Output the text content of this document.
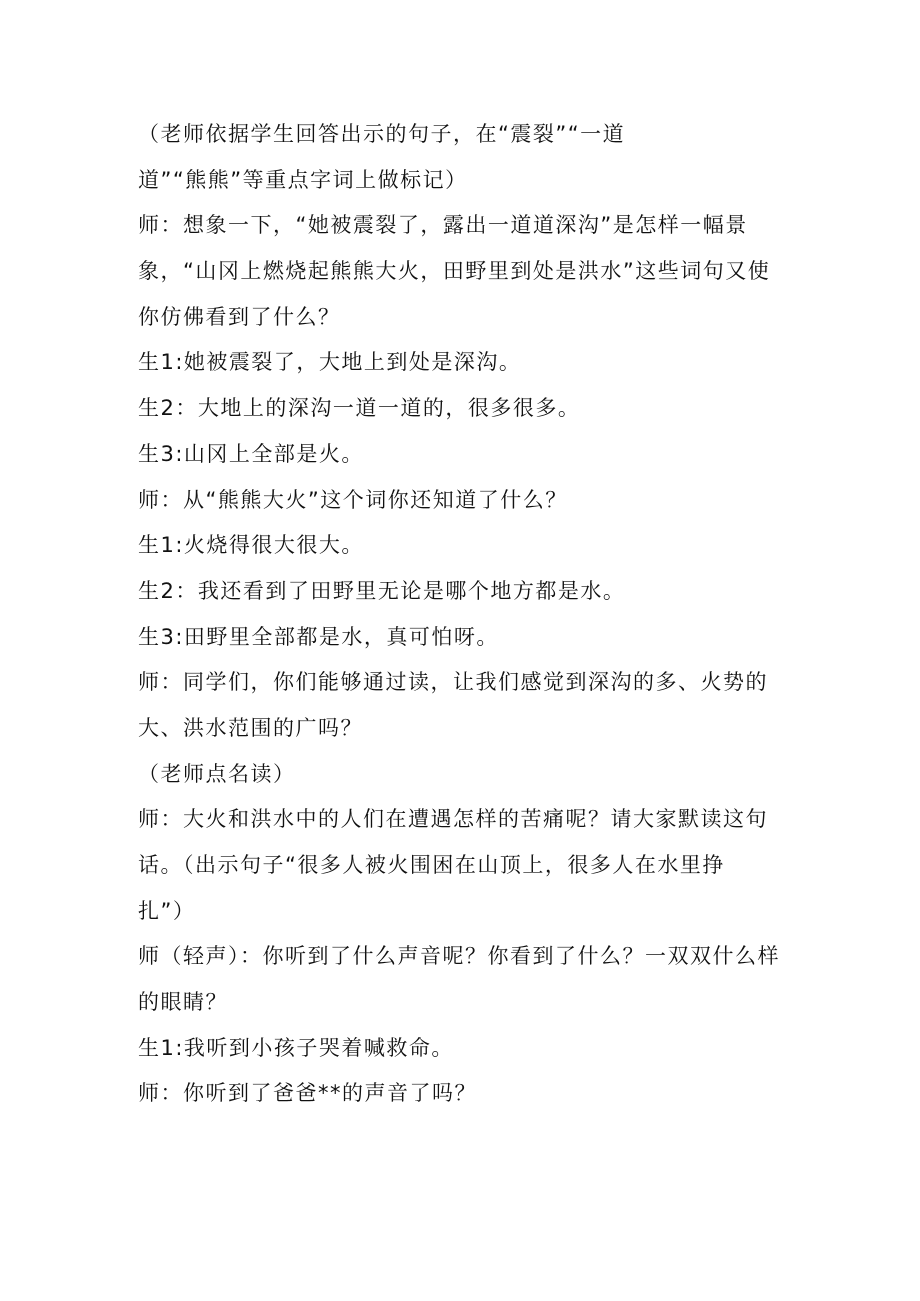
（老师依据学生回答出示的句子，在“震裂”“一道
道”“熊熊”等重点字词上做标记）
师：想象一下，“她被震裂了，露出一道道深沟”是怎样一幅景
象，“山冈上燃烧起熊熊大火，田野里到处是洪水”这些词句又使
你仿佛看到了什么？
生1:她被震裂了，大地上到处是深沟。
生2：大地上的深沟一道一道的，很多很多。
生3:山冈上全部是火。
师：从“熊熊大火”这个词你还知道了什么？
生1:火烧得很大很大。
生2：我还看到了田野里无论是哪个地方都是水。
生3:田野里全部都是水，真可怕呀。
师：同学们，你们能够通过读，让我们感觉到深沟的多、火势的
大、洪水范围的广吗？
（老师点名读）
师：大火和洪水中的人们在遭遇怎样的苦痛呢？请大家默读这句
话。（出示句子“很多人被火围困在山顶上，很多人在水里挣
扎”）
师（轻声）：你听到了什么声音呢？你看到了什么？一双双什么样
的眼睛？
生1:我听到小孩子哭着喊救命。
师：你听到了爸爸**的声音了吗？
